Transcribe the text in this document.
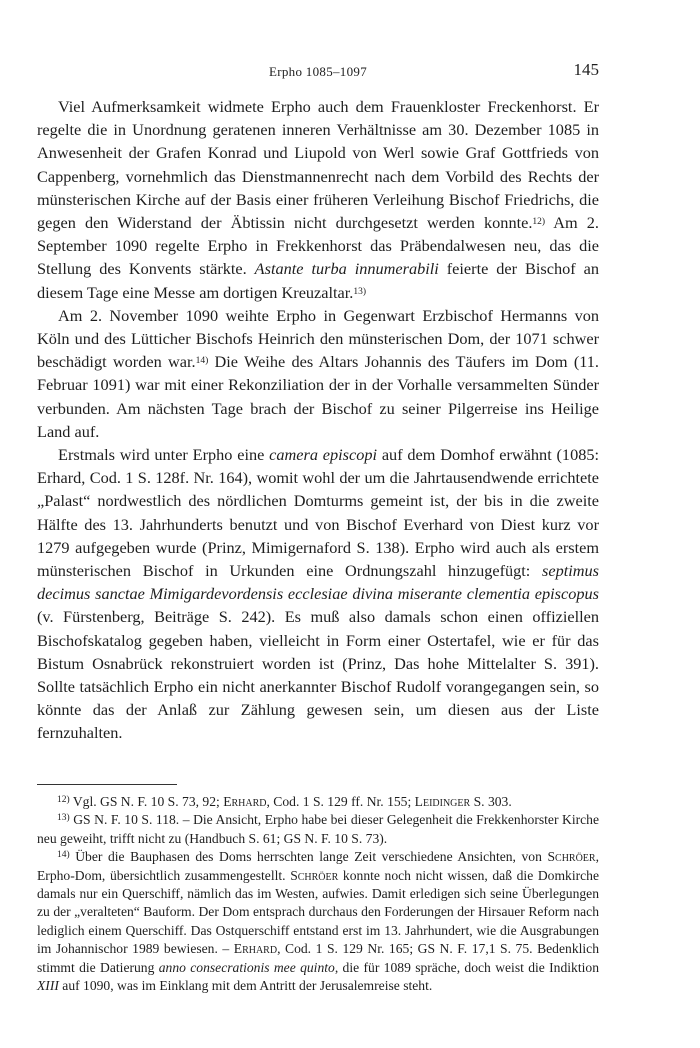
Erpho 1085–1097	145

Viel Aufmerksamkeit widmete Erpho auch dem Frauenkloster Freckenhorst. Er regelte die in Unordnung geratenen inneren Verhältnisse am 30. Dezember 1085 in Anwesenheit der Grafen Konrad und Liupold von Werl sowie Graf Gottfrieds von Cappenberg, vornehmlich das Dienstmannenrecht nach dem Vorbild des Rechts der münsterischen Kirche auf der Basis einer früheren Verleihung Bischof Friedrichs, die gegen den Widerstand der Äbtissin nicht durchgesetzt werden konnte.$^{12)}$ Am 2. September 1090 regelte Erpho in Frekkenhorst das Präbendalwesen neu, das die Stellung des Konvents stärkte. Astante turba innumerabili feierte der Bischof an diesem Tage eine Messe am dortigen Kreuzaltar.$^{13)}$

Am 2. November 1090 weihte Erpho in Gegenwart Erzbischof Hermanns von Köln und des Lütticher Bischofs Heinrich den münsterischen Dom, der 1071 schwer beschädigt worden war.$^{14)}$ Die Weihe des Altars Johannis des Täufers im Dom (11. Februar 1091) war mit einer Rekonziliation der in der Vorhalle versammelten Sünder verbunden. Am nächsten Tage brach der Bischof zu seiner Pilgerreise ins Heilige Land auf.

Erstmals wird unter Erpho eine camera episcopi auf dem Domhof erwähnt (1085: Erhard, Cod. 1 S. 128f. Nr. 164), womit wohl der um die Jahrtausendwende errichtete „Palast“ nordwestlich des nördlichen Domturms gemeint ist, der bis in die zweite Hälfte des 13. Jahrhunderts benutzt und von Bischof Everhard von Diest kurz vor 1279 aufgegeben wurde (Prinz, Mimigernaford S. 138). Erpho wird auch als erstem münsterischen Bischof in Urkunden eine Ordnungszahl hinzugefügt: septimus decimus sanctae Mimigardevordensis ecclesiae divina miserante clementia episcopus (v. Fürstenberg, Beiträge S. 242). Es muß also damals schon einen offiziellen Bischofskatalog gegeben haben, vielleicht in Form einer Ostertafel, wie er für das Bistum Osnabrück rekonstruiert worden ist (Prinz, Das hohe Mittelalter S. 391). Sollte tatsächlich Erpho ein nicht anerkannter Bischof Rudolf vorangegangen sein, so könnte das der Anlaß zur Zählung gewesen sein, um diesen aus der Liste fernzuhalten.

$^{12)}$ Vgl. GS N. F. 10 S. 73, 92; Erhard, Cod. 1 S. 129 ff. Nr. 155; Leidinger S. 303.

$^{13)}$ GS N. F. 10 S. 118. – Die Ansicht, Erpho habe bei dieser Gelegenheit die Frekkenhorster Kirche neu geweiht, trifft nicht zu (Handbuch S. 61; GS N. F. 10 S. 73).

$^{14)}$ Über die Bauphasen des Doms herrschten lange Zeit verschiedene Ansichten, von Schröer, Erpho-Dom, übersichtlich zusammengestellt. Schröer konnte noch nicht wissen, daß die Domkirche damals nur ein Querschiff, nämlich das im Westen, aufwies. Damit erledigen sich seine Überlegungen zu der „veralteten“ Bauform. Der Dom entsprach durchaus den Forderungen der Hirsauer Reform nach lediglich einem Querschiff. Das Ostquerschiff entstand erst im 13. Jahrhundert, wie die Ausgrabungen im Johannischor 1989 bewiesen. – Erhard, Cod. 1 S. 129 Nr. 165; GS N. F. 17,1 S. 75. Bedenklich stimmt die Datierung anno consecrationis mee quinto, die für 1089 spräche, doch weist die Indiktion XIII auf 1090, was im Einklang mit dem Antritt der Jerusalemreise steht.
